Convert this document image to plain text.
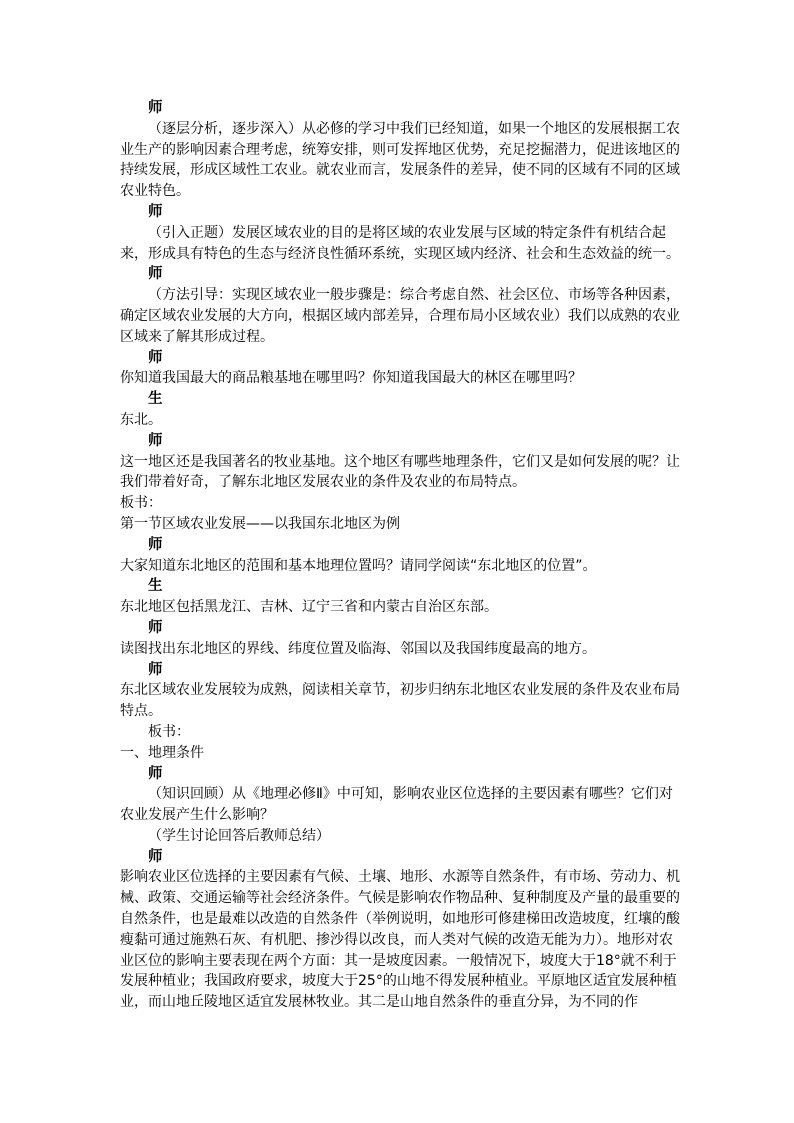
师
（逐层分析，逐步深入）从必修的学习中我们已经知道，如果一个地区的发展根据工农业生产的影响因素合理考虑，统筹安排，则可发挥地区优势，充足挖掘潜力，促进该地区的持续发展，形成区域性工农业。就农业而言，发展条件的差异，使不同的区域有不同的区域农业特色。
师
（引入正题）发展区域农业的目的是将区域的农业发展与区域的特定条件有机结合起来，形成具有特色的生态与经济良性循环系统，实现区域内经济、社会和生态效益的统一。
师
（方法引导：实现区域农业一般步骤是：综合考虑自然、社会区位、市场等各种因素，确定区域农业发展的大方向，根据区域内部差异，合理布局小区域农业）我们以成熟的农业区域来了解其形成过程。
师
你知道我国最大的商品粮基地在哪里吗？你知道我国最大的林区在哪里吗？
生
东北。
师
这一地区还是我国著名的牧业基地。这个地区有哪些地理条件，它们又是如何发展的呢？让我们带着好奇，了解东北地区发展农业的条件及农业的布局特点。
板书：
第一节区域农业发展——以我国东北地区为例
师
大家知道东北地区的范围和基本地理位置吗？请同学阅读“东北地区的位置”。
生
东北地区包括黑龙江、吉林、辽宁三省和内蒙古自治区东部。
师
读图找出东北地区的界线、纬度位置及临海、邻国以及我国纬度最高的地方。
师
东北区域农业发展较为成熟，阅读相关章节，初步归纳东北地区农业发展的条件及农业布局特点。
板书：
一、地理条件
师
（知识回顾）从《地理必修Ⅱ》中可知，影响农业区位选择的主要因素有哪些？它们对农业发展产生什么影响？
（学生讨论回答后教师总结）
师
影响农业区位选择的主要因素有气候、土壤、地形、水源等自然条件，有市场、劳动力、机械、政策、交通运输等社会经济条件。气候是影响农作物品种、复种制度及产量的最重要的自然条件，也是最难以改造的自然条件（举例说明，如地形可修建梯田改造坡度，红壤的酸瘦黏可通过施熟石灰、有机肥、掺沙得以改良，而人类对气候的改造无能为力）。地形对农业区位的影响主要表现在两个方面：其一是坡度因素。一般情况下，坡度大于18°就不利于发展种植业；我国政府要求，坡度大于25°的山地不得发展种植业。平原地区适宜发展种植业，而山地丘陵地区适宜发展林牧业。其二是山地自然条件的垂直分异，为不同的作
